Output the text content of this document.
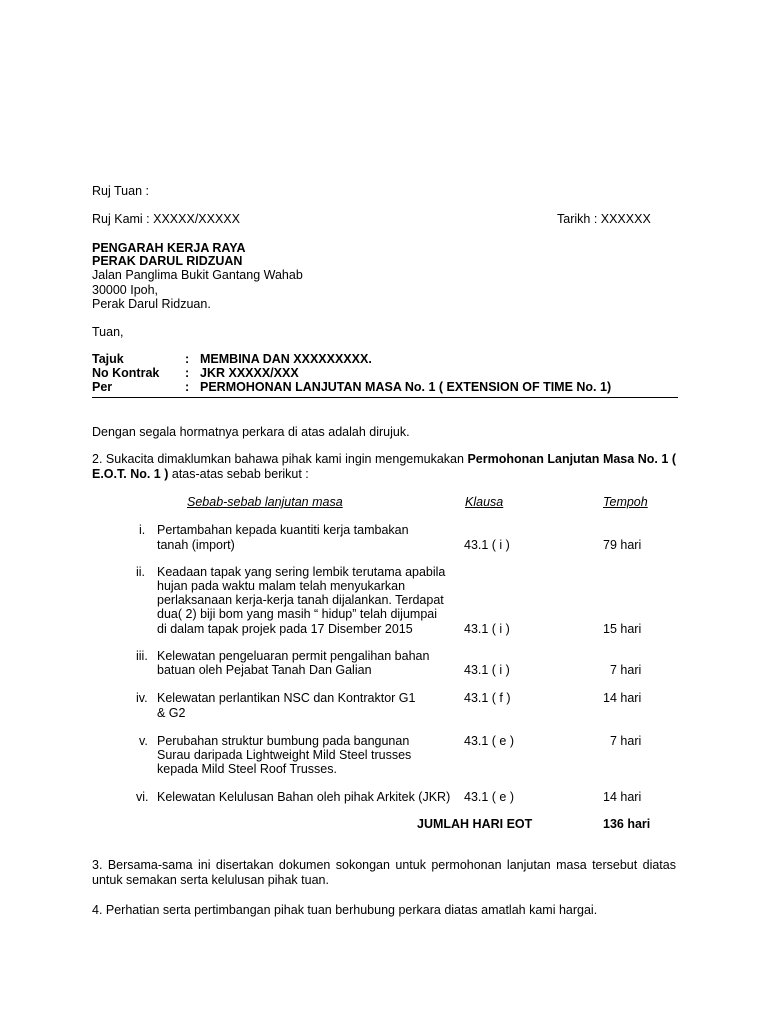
Ruj Tuan :
Ruj Kami : XXXXX/XXXXX	Tarikh : XXXXXX
PENGARAH KERJA RAYA
PERAK DARUL RIDZUAN
Jalan Panglima Bukit Gantang Wahab
30000 Ipoh,
Perak Darul Ridzuan.
Tuan,
Tajuk	: MEMBINA DAN XXXXXXXXX.
No Kontrak : JKR XXXXX/XXX
Per	: PERMOHONAN LANJUTAN MASA No. 1 ( EXTENSION OF TIME No. 1)
Dengan segala hormatnya perkara di atas adalah dirujuk.
2. Sukacita dimaklumkan bahawa pihak kami ingin mengemukakan Permohonan Lanjutan Masa No. 1 ( E.O.T. No. 1 ) atas-atas sebab berikut :
Sebab-sebab lanjutan masa	Klausa	Tempoh
i. Pertambahan kepada kuantiti kerja tambakan
tanah (import)	43.1 ( i )	79 hari
ii. Keadaan tapak yang sering lembik terutama apabila
hujan pada waktu malam telah menyukarkan
perlaksanaan kerja-kerja tanah dijalankan. Terdapat
dua( 2) biji bom yang masih “ hidup” telah dijumpai
di dalam tapak projek pada 17 Disember 2015	43.1 ( i )	15 hari
iii. Kelewatan pengeluaran permit pengalihan bahan
batuan oleh Pejabat Tanah Dan Galian	43.1 ( i )	7 hari
iv. Kelewatan perlantikan NSC dan Kontraktor G1
& G2
43.1 ( f )	14 hari
v. Perubahan struktur bumbung pada bangunan
Surau daripada Lightweight Mild Steel trusses
kepada Mild Steel Roof Trusses.
43.1 ( e )	7 hari
vi. Kelewatan Kelulusan Bahan oleh pihak Arkitek (JKR) 43.1 ( e )	14 hari
JUMLAH HARI EOT	136 hari
3. Bersama-sama ini disertakan dokumen sokongan untuk permohonan lanjutan masa tersebut diatas untuk semakan serta kelulusan pihak tuan.
4. Perhatian serta pertimbangan pihak tuan berhubung perkara diatas amatlah kami hargai.
